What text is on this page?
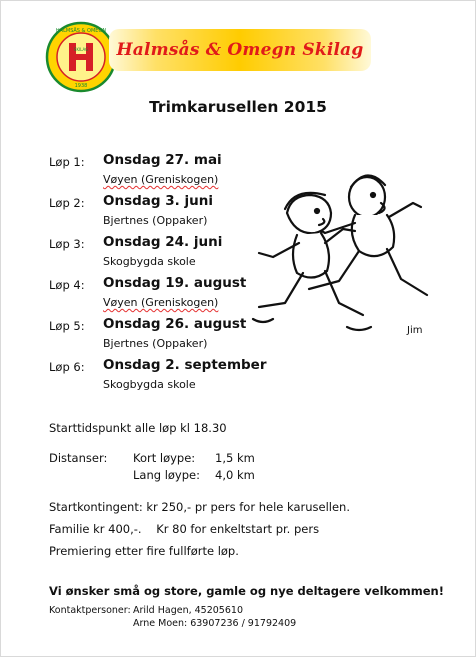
HALMSÅS & OMEGN
1938
SKILAG	Halmsås & Omegn Skilag
Trimkarusellen 2015
Løp 1:	Onsdag 27. mai
Vøyen (Greniskogen)
Løp 2:	Onsdag 3. juni
Bjertnes (Oppaker)
Løp 3:	Onsdag 24. juni
Skogbygda skole
Løp 4:	Onsdag 19. august
Vøyen (Greniskogen)
Løp 5:	Onsdag 26. august
Bjertnes (Oppaker)
Løp 6:	Onsdag 2. september
Skogbygda skole
Jim
Starttidspunkt alle løp kl 18.30
Distanser: Kort løype: 1,5 km
Lang løype: 4,0 km
Startkontingent: kr 250,- pr pers for hele karusellen.
Familie kr 400,-.    Kr 80 for enkeltstart pr. pers
Premiering etter fire fullførte løp.
Vi ønsker små og store, gamle og nye deltagere velkommen!
Kontaktpersoner: Arild Hagen, 45205610
Arne Moen: 63907236 / 91792409
